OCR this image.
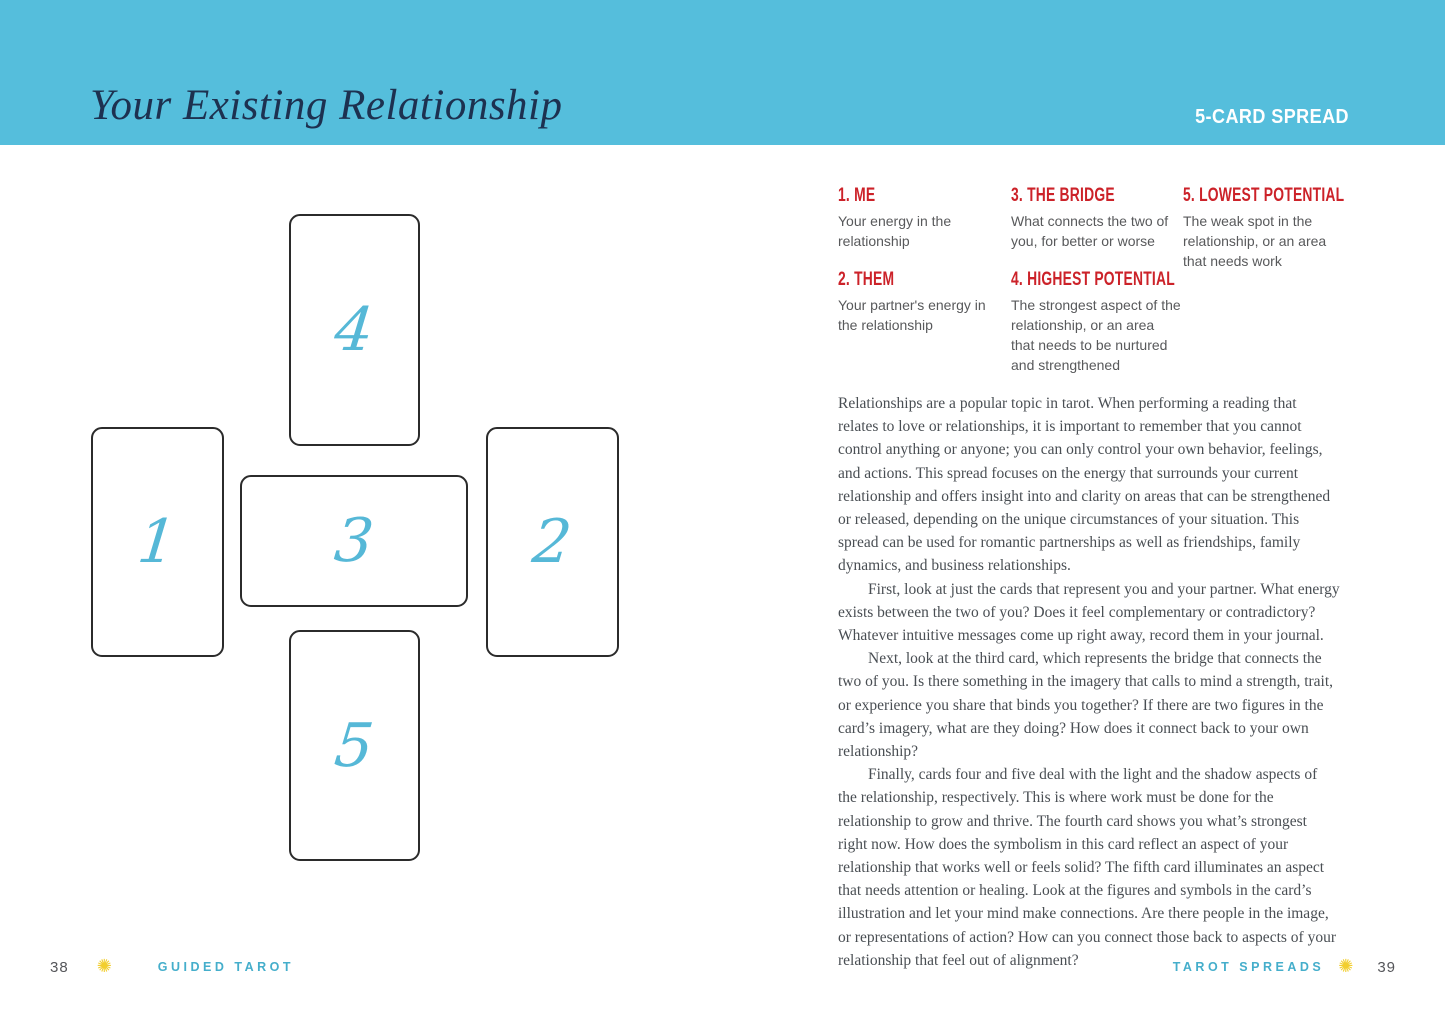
Your Existing Relationship	5-CARD SPREAD
4
1	3	2
5
1. ME
Your energy in the relationship
2. THEM
Your partner's energy in the relationship
3. THE BRIDGE
What connects the two of you, for better or worse
4. HIGHEST POTENTIAL
The strongest aspect of the relationship, or an area that needs to be nurtured and strengthened
5. LOWEST POTENTIAL
The weak spot in the relationship, or an area that needs work

Relationships are a popular topic in tarot. When performing a reading that relates to love or relationships, it is important to remember that you cannot control anything or anyone; you can only control your own behavior, feelings, and actions. This spread focuses on the energy that surrounds your current relationship and offers insight into and clarity on areas that can be strengthened or released, depending on the unique circumstances of your situation. This spread can be used for romantic partnerships as well as friendships, family dynamics, and business relationships.

First, look at just the cards that represent you and your partner. What energy exists between the two of you? Does it feel complementary or contradictory? Whatever intuitive messages come up right away, record them in your journal.

Next, look at the third card, which represents the bridge that connects the two of you. Is there something in the imagery that calls to mind a strength, trait, or experience you share that binds you together? If there are two figures in the card’s imagery, what are they doing? How does it connect back to your own relationship?

Finally, cards four and five deal with the light and the shadow aspects of the relationship, respectively. This is where work must be done for the relationship to grow and thrive. The fourth card shows you what’s strongest right now. How does the symbolism in this card reflect an aspect of your relationship that works well or feels solid? The fifth card illuminates an aspect that needs attention or healing. Look at the figures and symbols in the card’s illustration and let your mind make connections. Are there people in the image, or representations of action? How can you connect those back to aspects of your relationship that feel out of alignment?

38 ✺	GUIDED TAROT	TAROT SPREADS ✺ 39
